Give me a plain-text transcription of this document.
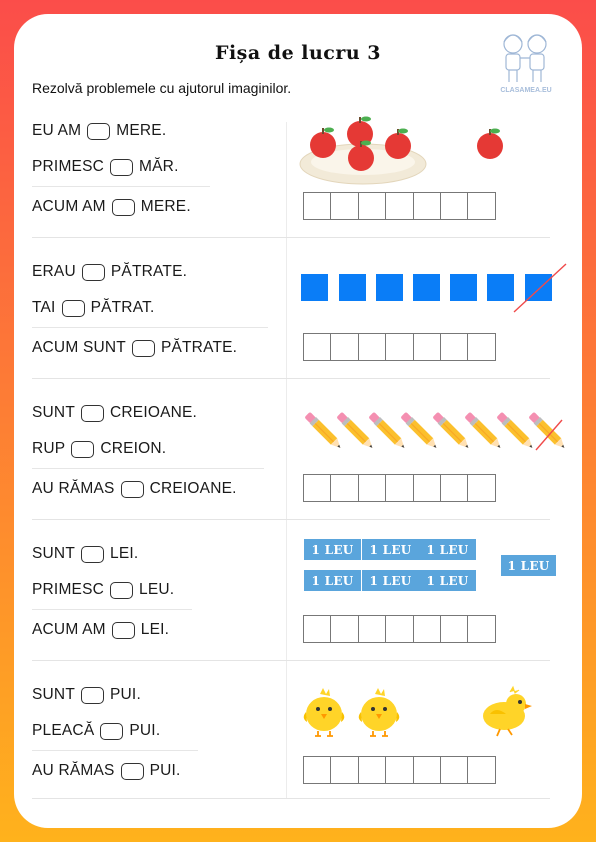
Fișa de lucru 3
CLASAMEA.EU
Rezolvă problemele cu ajutorul imaginilor.
EU AM MERE.
PRIMESC MĂR.
ACUM AM MERE.
ERAU PĂTRATE.
TAI PĂTRAT.
ACUM SUNT PĂTRATE.
SUNT CREIOANE.
RUP CREION.
AU RĂMAS CREIOANE.
SUNT LEI.
PRIMESC LEU.
ACUM AM LEI.
1 LEU	1 LEU	1 LEU
1 LEU	1 LEU	1 LEU
1 LEU
SUNT PUI.
PLEACĂ PUI.
AU RĂMAS PUI.
